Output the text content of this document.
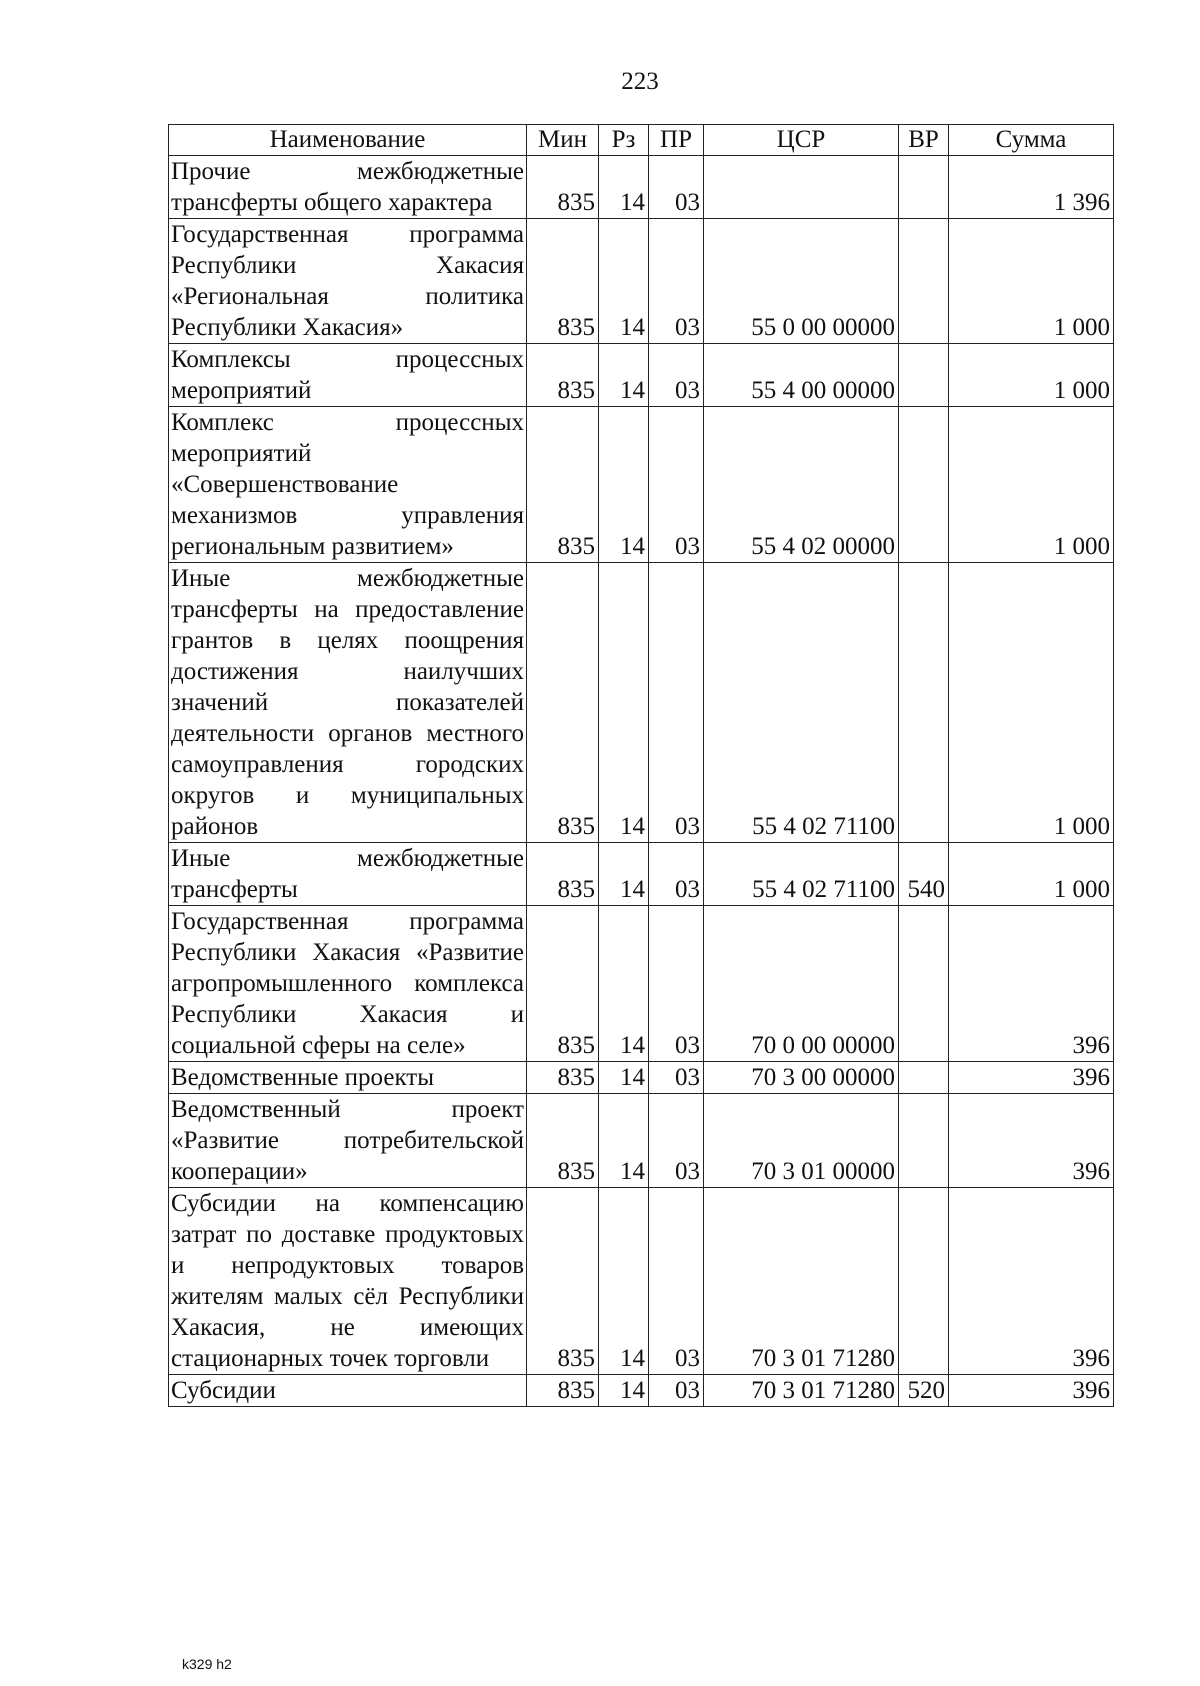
223
Наименование	Мин	Рз	ПР	ЦСР	ВР	Сумма
Прочие межбюджетные трансферты общего характера	835	14	03			1 396
Государственная программа Республики Хакасия «Региональная политика Республики Хакасия»	835	14	03	55 0 00 00000		1 000
Комплексы процессных мероприятий	835	14	03	55 4 00 00000		1 000
Комплекс процессных мероприятий «Совершенствование механизмов управления региональным развитием»	835	14	03	55 4 02 00000		1 000
Иные межбюджетные трансферты на предоставление грантов в целях поощрения достижения наилучших значений показателей деятельности органов местного самоуправления городских округов и муниципальных районов	835	14	03	55 4 02 71100		1 000
Иные межбюджетные трансферты	835	14	03	55 4 02 71100	540	1 000
Государственная программа Республики Хакасия «Развитие агропромышленного комплекса Республики Хакасия и социальной сферы на селе»	835	14	03	70 0 00 00000		396
Ведомственные проекты	835	14	03	70 3 00 00000		396
Ведомственный проект «Развитие потребительской кооперации»	835	14	03	70 3 01 00000		396
Субсидии на компенсацию затрат по доставке продуктовых и непродуктовых товаров жителям малых сёл Республики Хакасия, не имеющих стационарных точек торговли	835	14	03	70 3 01 71280		396
Субсидии	835	14	03	70 3 01 71280	520	396
k329 h2
